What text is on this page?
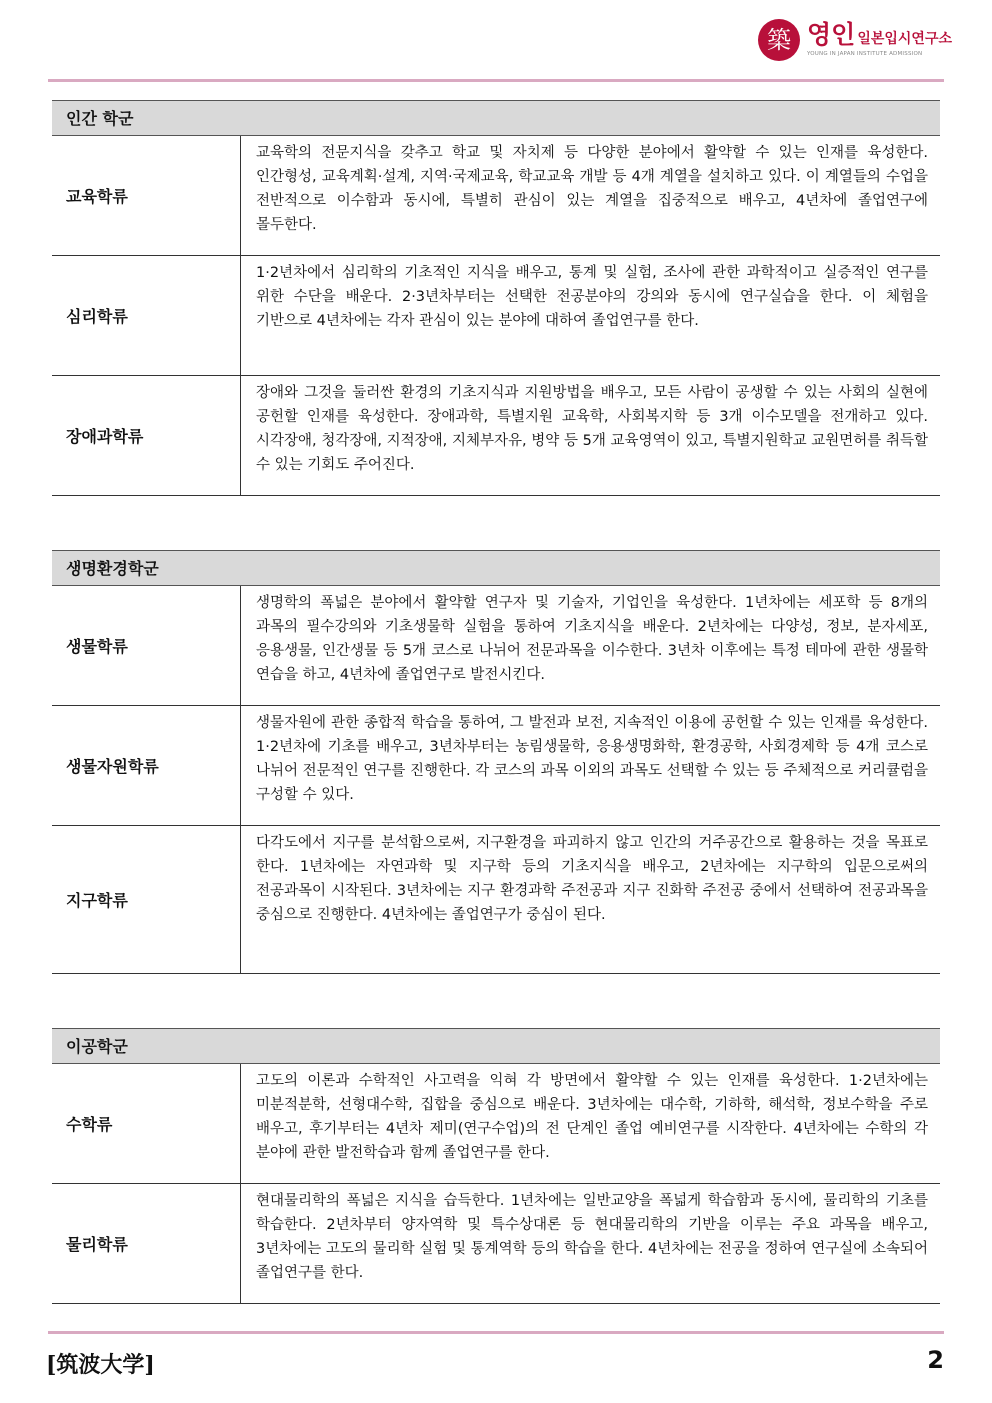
築 영인 일본입시연구소
YOUNG IN JAPAN INSTITUTE ADMISSION
인간 학군
교육학류
교육학의 전문지식을 갖추고 학교 및 자치제 등 다양한 분야에서 활약할 수 있는 인재를 육성한다. 인간형성, 교육계획·설계, 지역·국제교육, 학교교육 개발 등 4개 계열을 설치하고 있다. 이 계열들의 수업을 전반적으로 이수함과 동시에, 특별히 관심이 있는 계열을 집중적으로 배우고, 4년차에 졸업연구에 몰두한다.
심리학류
1·2년차에서 심리학의 기초적인 지식을 배우고, 통계 및 실험, 조사에 관한 과학적이고 실증적인 연구를 위한 수단을 배운다. 2·3년차부터는 선택한 전공분야의 강의와 동시에 연구실습을 한다. 이 체험을 기반으로 4년차에는 각자 관심이 있는 분야에 대하여 졸업연구를 한다.
장애과학류
장애와 그것을 둘러싼 환경의 기초지식과 지원방법을 배우고, 모든 사람이 공생할 수 있는 사회의 실현에 공헌할 인재를 육성한다. 장애과학, 특별지원 교육학, 사회복지학 등 3개 이수모델을 전개하고 있다. 시각장애, 청각장애, 지적장애, 지체부자유, 병약 등 5개 교육영역이 있고, 특별지원학교 교원면허를 취득할 수 있는 기회도 주어진다.
생명환경학군
생물학류
생명학의 폭넓은 분야에서 활약할 연구자 및 기술자, 기업인을 육성한다. 1년차에는 세포학 등 8개의 과목의 필수강의와 기초생물학 실험을 통하여 기초지식을 배운다. 2년차에는 다양성, 정보, 분자세포, 응용생물, 인간생물 등 5개 코스로 나뉘어 전문과목을 이수한다. 3년차 이후에는 특정 테마에 관한 생물학 연습을 하고, 4년차에 졸업연구로 발전시킨다.
생물자원학류
생물자원에 관한 종합적 학습을 통하여, 그 발전과 보전, 지속적인 이용에 공헌할 수 있는 인재를 육성한다. 1·2년차에 기초를 배우고, 3년차부터는 농림생물학, 응용생명화학, 환경공학, 사회경제학 등 4개 코스로 나뉘어 전문적인 연구를 진행한다. 각 코스의 과목 이외의 과목도 선택할 수 있는 등 주체적으로 커리큘럼을 구성할 수 있다.
지구학류
다각도에서 지구를 분석함으로써, 지구환경을 파괴하지 않고 인간의 거주공간으로 활용하는 것을 목표로 한다. 1년차에는 자연과학 및 지구학 등의 기초지식을 배우고, 2년차에는 지구학의 입문으로써의 전공과목이 시작된다. 3년차에는 지구 환경과학 주전공과 지구 진화학 주전공 중에서 선택하여 전공과목을 중심으로 진행한다. 4년차에는 졸업연구가 중심이 된다.
이공학군
수학류
고도의 이론과 수학적인 사고력을 익혀 각 방면에서 활약할 수 있는 인재를 육성한다. 1·2년차에는 미분적분학, 선형대수학, 집합을 중심으로 배운다. 3년차에는 대수학, 기하학, 해석학, 정보수학을 주로 배우고, 후기부터는 4년차 제미(연구수업)의 전 단계인 졸업 예비연구를 시작한다. 4년차에는 수학의 각 분야에 관한 발전학습과 함께 졸업연구를 한다.
물리학류
현대물리학의 폭넓은 지식을 습득한다. 1년차에는 일반교양을 폭넓게 학습함과 동시에, 물리학의 기초를 학습한다. 2년차부터 양자역학 및 특수상대론 등 현대물리학의 기반을 이루는 주요 과목을 배우고, 3년차에는 고도의 물리학 실험 및 통계역학 등의 학습을 한다. 4년차에는 전공을 정하여 연구실에 소속되어 졸업연구를 한다.
[筑波大学]	2
